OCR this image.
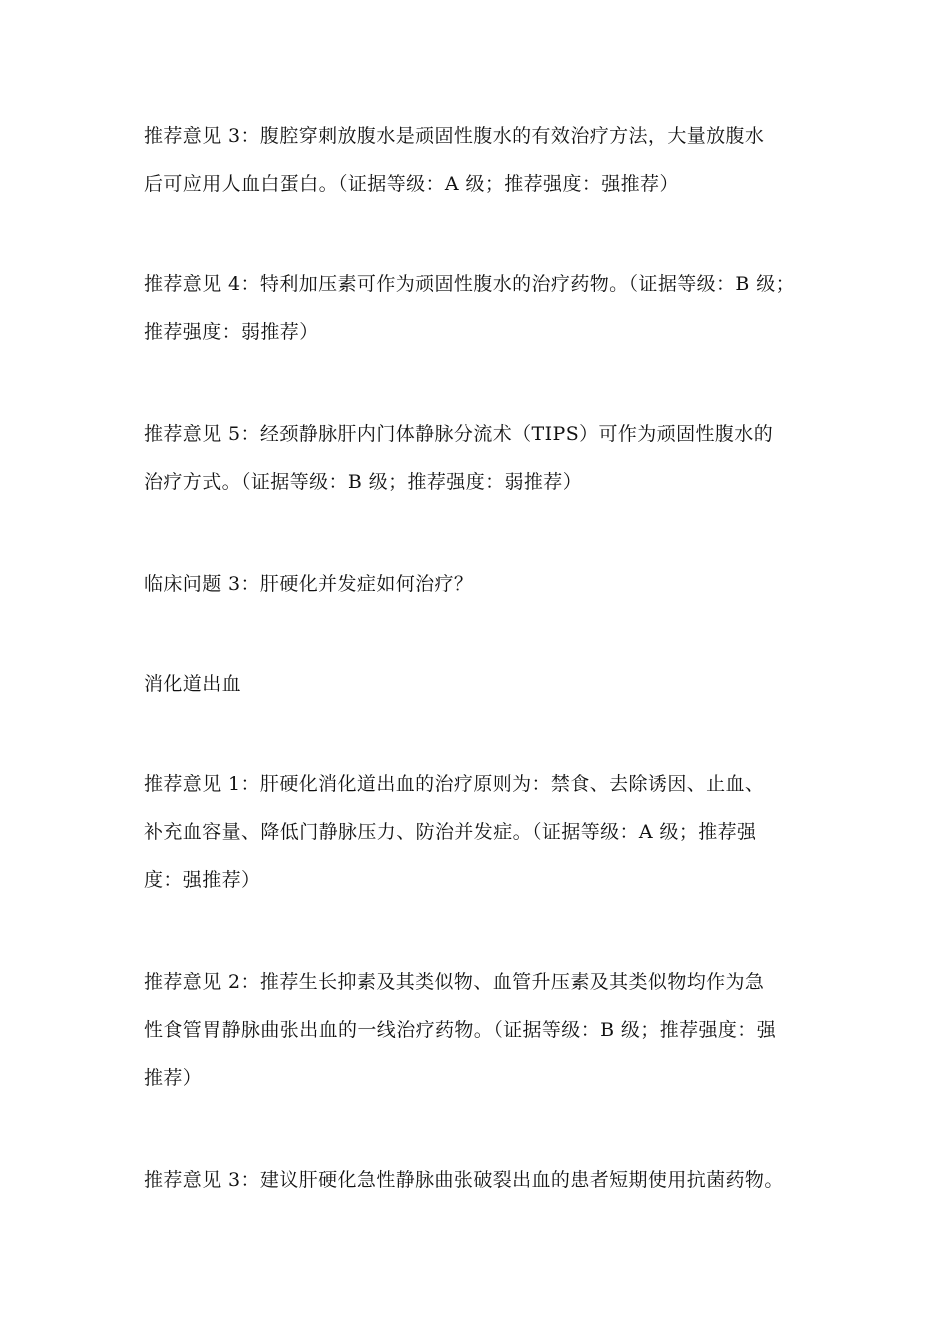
推荐意见 3：腹腔穿刺放腹水是顽固性腹水的有效治疗方法，大量放腹水
后可应用人血白蛋白。（证据等级：A 级；推荐强度：强推荐）
推荐意见 4：特利加压素可作为顽固性腹水的治疗药物。（证据等级：B 级；
推荐强度：弱推荐）
推荐意见 5：经颈静脉肝内门体静脉分流术（TIPS）可作为顽固性腹水的
治疗方式。（证据等级：B 级；推荐强度：弱推荐）
临床问题 3：肝硬化并发症如何治疗？
消化道出血
推荐意见 1：肝硬化消化道出血的治疗原则为：禁食、去除诱因、止血、
补充血容量、降低门静脉压力、防治并发症。（证据等级：A 级；推荐强
度：强推荐）
推荐意见 2：推荐生长抑素及其类似物、血管升压素及其类似物均作为急
性食管胃静脉曲张出血的一线治疗药物。（证据等级：B 级；推荐强度：强
推荐）
推荐意见 3：建议肝硬化急性静脉曲张破裂出血的患者短期使用抗菌药物。
